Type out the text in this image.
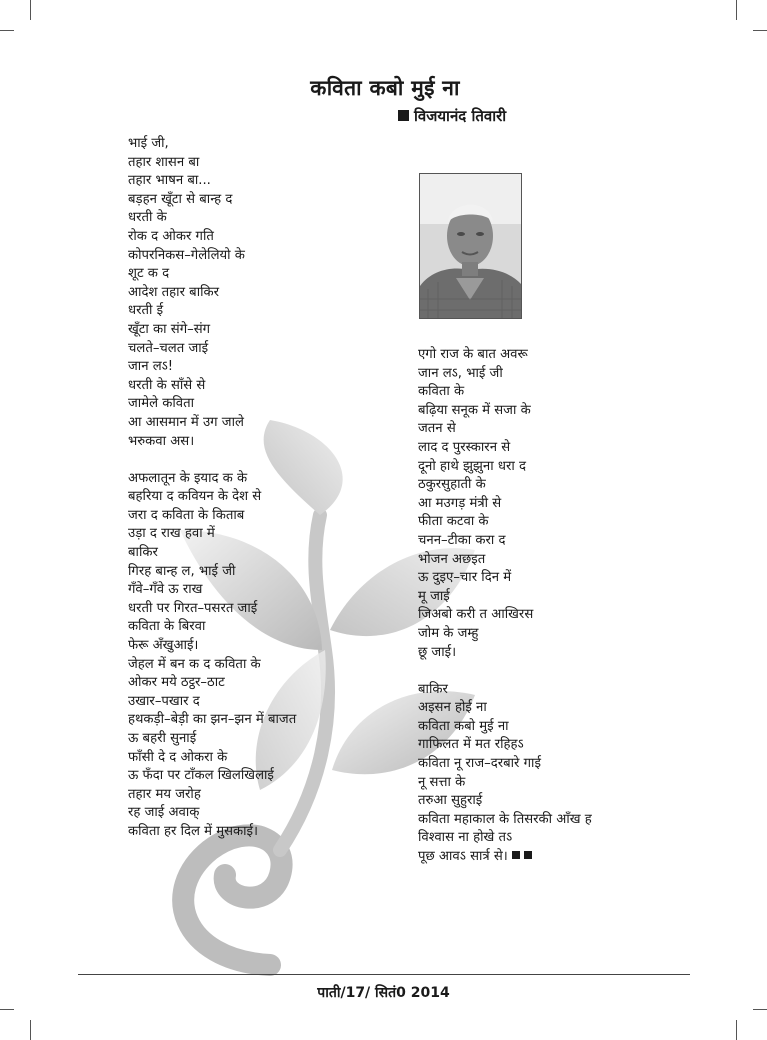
कविता कबो मुई ना
विजयानंद तिवारी
भाई जी,
तहार शासन बा
तहार भाषन बा...
बड़हन खूँटा से बान्ह द
धरती के
रोक द ओकर गति
कोपरनिकस–गेलेलियो के
शूट क द
आदेश तहार बाकिर
धरती ई
खूँटा का संगे–संग
चलते–चलत जाई
जान लऽ!
धरती के साँसे से
जामेले कविता
आ आसमान में उग जाले
भरुकवा अस।
अफलातून के इयाद क के
बहरिया द कवियन के देश से
जरा द कविता के किताब
उड़ा द राख हवा में
बाकिर
गिरह बान्ह ल, भाई जी
गँवे–गँवे ऊ राख
धरती पर गिरत–पसरत जाई
कविता के बिरवा
फेरू अँखुआई।
जेहल में बन क द कविता के
ओकर मये ठट्ठर–ठाट
उखार–पखार द
हथकड़ी–बेड़ी का झन–झन में बाजत
ऊ बहरी सुनाई
फाँसी दे द ओकरा के
ऊ फँदा पर टाँकल खिलखिलाई
तहार मय जरोह
रह जाई अवाक्
कविता हर दिल में मुसकाई।
एगो राज के बात अवरू
जान लऽ, भाई जी
कविता के
बढ़िया सनूक में सजा के
जतन से
लाद द पुरस्कारन से
दूनो हाथे झुझुना धरा द
ठकुरसुहाती के
आ मउगड़ मंत्री से
फीता कटवा के
चनन–टीका करा द
भोजन अछइत
ऊ दुइए–चार दिन में
मू जाई
जिअबो करी त आखिरस
जोम के जम्हु
छू जाई।
बाकिर
अइसन होई ना
कविता कबो मुई ना
गाफिलत में मत रहिहऽ
कविता नू राज–दरबारे गाई
नू सत्ता के
तरुआ सुहुराई
कविता महाकाल के तिसरकी आँख ह
विश्वास ना होखे तऽ
पूछ आवऽ सार्त्र से।
पाती/17/ सितं0 2014
